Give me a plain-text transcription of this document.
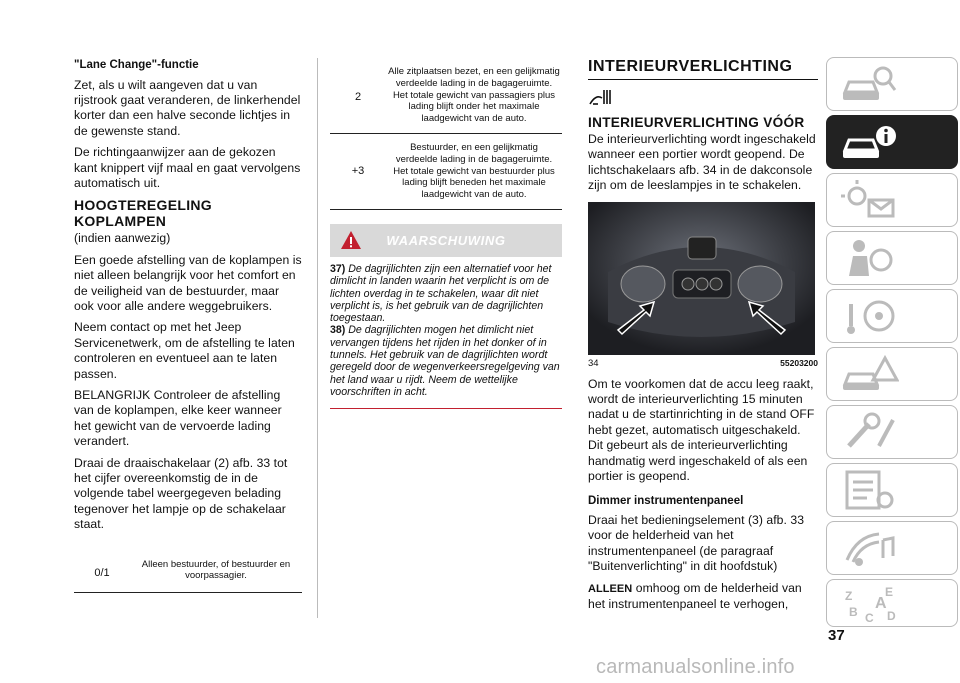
"Lane Change"-functie

Zet, als u wilt aangeven dat u van rijstrook gaat veranderen, de linkerhendel korter dan een halve seconde lichtjes in de gewenste stand.

De richtingaanwijzer aan de gekozen kant knippert vijf maal en gaat vervolgens automatisch uit.

HOOGTEREGELING KOPLAMPEN

(indien aanwezig)

Een goede afstelling van de koplampen is niet alleen belangrijk voor het comfort en de veiligheid van de bestuurder, maar ook voor alle andere weggebruikers.

Neem contact op met het Jeep Servicenetwerk, om de afstelling te laten controleren en eventueel aan te laten passen.

BELANGRIJK Controleer de afstelling van de koplampen, elke keer wanneer het gewicht van de vervoerde lading verandert.

Draai de draaischakelaar (2) afb. 33 tot het cijfer overeenkomstig de in de volgende tabel weergegeven belading tegenover het lampje op de schakelaar staat.

0/1	Alleen bestuurder, of bestuurder en voorpassagier.
2	Alle zitplaatsen bezet, en een gelijkmatig verdeelde lading in de bagageruimte. Het totale gewicht van passagiers plus lading blijft onder het maximale laadgewicht van de auto.
+3	Bestuurder, en een gelijkmatig verdeelde lading in de bagageruimte. Het totale gewicht van bestuurder plus lading blijft beneden het maximale laadgewicht van de auto.
WAARSCHUWING
37) De dagrijlichten zijn een alternatief voor het dimlicht in landen waarin het verplicht is om de lichten overdag in te schakelen, waar dit niet verplicht is, is het gebruik van de dagrijlichten toegestaan.
38) De dagrijlichten mogen het dimlicht niet vervangen tijdens het rijden in het donker of in tunnels. Het gebruik van de dagrijlichten wordt geregeld door de wegenverkeersregelgeving van het land waar u rijdt. Neem de wettelijke voorschriften in acht.
INTERIEURVERLICHTING
INTERIEURVERLICHTING VÓÓR

De interieurverlichting wordt ingeschakeld wanneer een portier wordt geopend. De lichtschakelaars afb. 34 in de dakconsole zijn om de leeslampjes in te schakelen.

34	55203200

Om te voorkomen dat de accu leeg raakt, wordt de interieurverlichting 15 minuten nadat u de startinrichting in de stand OFF hebt gezet, automatisch uitgeschakeld. Dit gebeurt als de interieurverlichting handmatig werd ingeschakeld of als een portier is geopend.

Dimmer instrumentenpaneel

Draai het bedieningselement (3) afb. 33 voor de helderheid van het instrumentenpaneel (de paragraaf "Buitenverlichting" in dit hoofdstuk)

ALLEEN omhoog om de helderheid van het instrumentenpaneel te verhogen,

Z
B C
A
E
D
37
carmanualsonline.info
